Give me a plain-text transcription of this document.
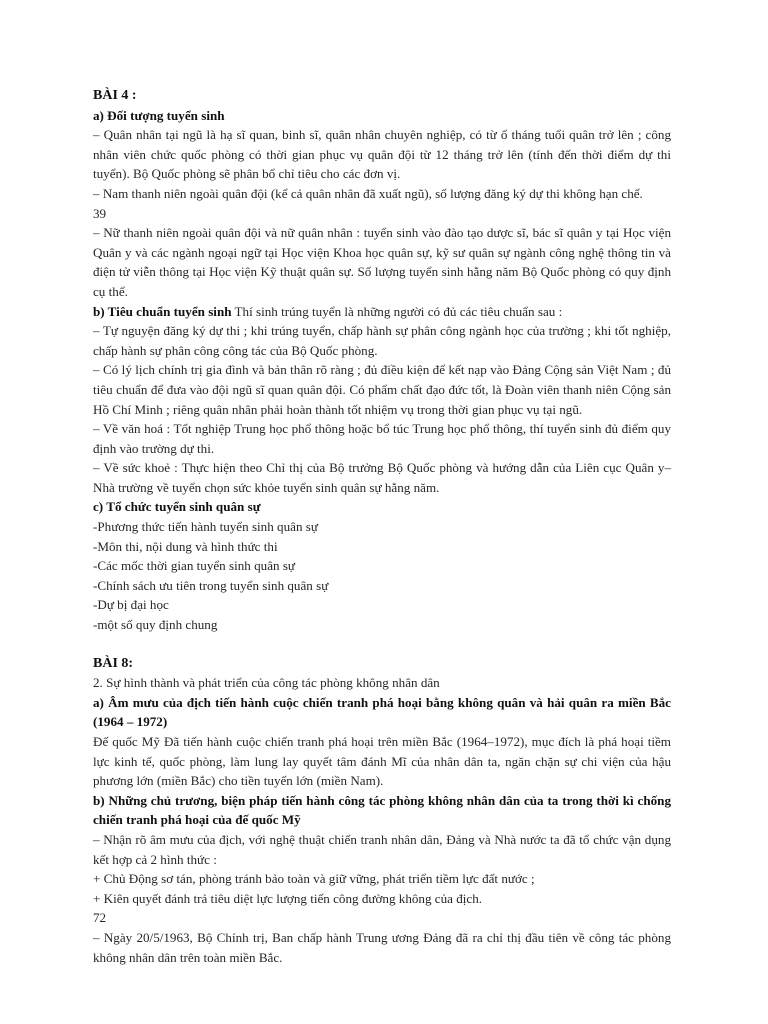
BÀI 4 :

a) Đối tượng tuyển sinh

– Quân nhân tại ngũ là hạ sĩ quan, binh sĩ, quân nhân chuyên nghiệp, có từ ố tháng tuổi quân trở lên ; công nhân viên chức quốc phòng có thời gian phục vụ quân đội từ 12 tháng trở lên (tính đến thời điểm dự thi tuyển). Bộ Quốc phòng sẽ phân bổ chỉ tiêu cho các đơn vị.

– Nam thanh niên ngoài quân đội (kể cả quân nhân đã xuất ngũ), số lượng đăng ký dự thi không hạn chế.

39

– Nữ thanh niên ngoài quân đội và nữ quân nhân : tuyển sinh vào đào tạo dược sĩ, bác sĩ quân y tại Học viện Quân y và các ngành ngoại ngữ tại Học viện Khoa học quân sự, kỹ sư quân sự ngành công nghệ thông tin và điện tử viễn thông tại Học viện Kỹ thuật quân sự. Số lượng tuyển sinh hằng năm Bộ Quốc phòng có quy định cụ thể.

b) Tiêu chuẩn tuyển sinh Thí sinh trúng tuyển là những người có đủ các tiêu chuẩn sau :

– Tự nguyện đăng ký dự thi ; khi trúng tuyển, chấp hành sự phân công ngành học của trường ; khi tốt nghiệp, chấp hành sự phân công công tác của Bộ Quốc phòng.

– Có lý lịch chính trị gia đình và bản thân rõ ràng ; đủ điều kiện để kết nạp vào Đảng Cộng sản Việt Nam ; đủ tiêu chuẩn để đưa vào đội ngũ sĩ quan quân đội. Có phẩm chất đạo đức tốt, là Đoàn viên thanh niên Cộng sản Hồ Chí Minh ; riêng quân nhân phải hoàn thành tốt nhiệm vụ trong thời gian phục vụ tại ngũ.

– Về văn hoá : Tốt nghiệp Trung học phổ thông hoặc bổ túc Trung học phổ thông, thí tuyển sinh đủ điểm quy định vào trường dự thi.

– Về sức khoẻ : Thực hiện theo Chỉ thị của Bộ trưởng Bộ Quốc phòng và hướng dẫn của Liên cục Quân y– Nhà trường về tuyển chọn sức khỏe tuyển sinh quân sự hằng năm.

c) Tổ chức tuyển sinh quân sự

-Phương thức tiến hành tuyển sinh quân sự

-Môn thi, nội dung và hình thức thi

-Các mốc thời gian tuyển sinh quân sự

-Chính sách ưu tiên trong tuyển sinh quân sự

-Dự bị đại học

-một số quy định chung

BÀI 8:

2. Sự hình thành và phát triển của công tác phòng không nhân dân

a) Âm mưu của địch tiến hành cuộc chiến tranh phá hoại bằng không quân và hải quân ra miền Bắc (1964 – 1972)

Đế quốc Mỹ Đã tiến hành cuộc chiến tranh phá hoại trên miền Bắc (1964–1972), mục đích là phá hoại tiềm lực kinh tế, quốc phòng, làm lung lay quyết tâm đánh Mĩ của nhân dân ta, ngăn chặn sự chi viện của hậu phương lớn (miền Bắc) cho tiền tuyến lớn (miền Nam).

b) Những chủ trương, biện pháp tiến hành công tác phòng không nhân dân của ta trong thời kì chống chiến tranh phá hoại của đế quốc Mỹ

– Nhận rõ âm mưu của địch, với nghệ thuật chiến tranh nhân dân, Đảng và Nhà nước ta đã tổ chức vận dụng kết hợp cả 2 hình thức :

+ Chủ Động sơ tán, phòng tránh bảo toàn và giữ vững, phát triển tiềm lực đất nước ;

+ Kiên quyết đánh trả tiêu diệt lực lượng tiến công đường không của địch.

72

– Ngày 20/5/1963, Bộ Chính trị, Ban chấp hành Trung ương Đảng đã ra chỉ thị đầu tiên về công tác phòng không nhân dân trên toàn miền Bắc.
